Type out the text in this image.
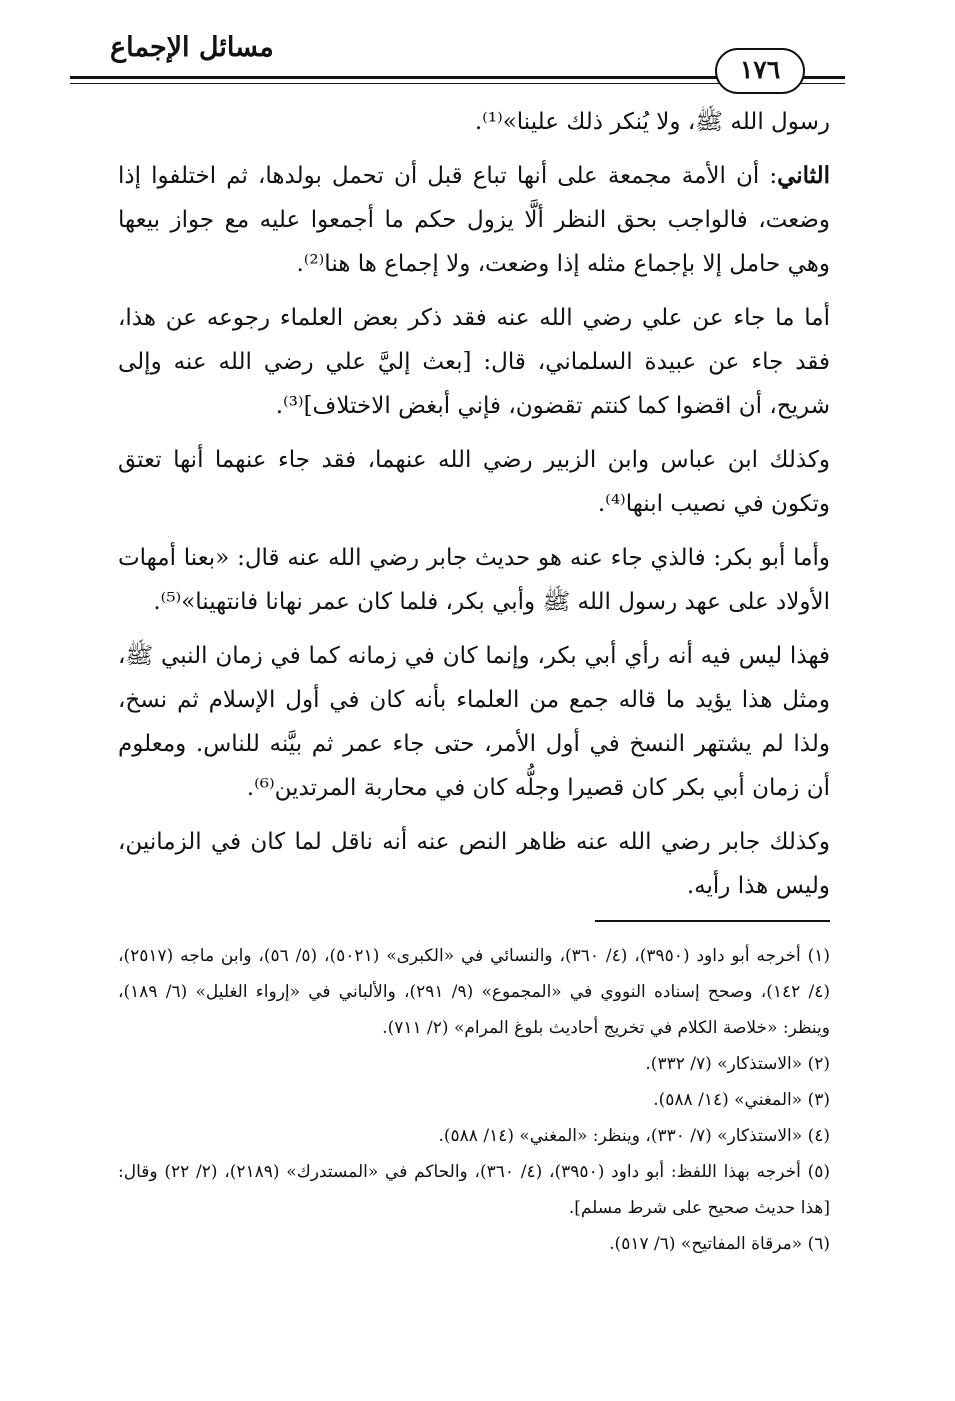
مسائل الإجماع
١٧٦

رسول الله ﷺ، ولا يُنكر ذلك علينا»⁽¹⁾.

الثاني: أن الأمة مجمعة على أنها تباع قبل أن تحمل بولدها، ثم اختلفوا إذا وضعت، فالواجب بحق النظر ألَّا يزول حكم ما أجمعوا عليه مع جواز بيعها وهي حامل إلا بإجماع مثله إذا وضعت، ولا إجماع ها هنا⁽²⁾.

أما ما جاء عن علي رضي الله عنه فقد ذكر بعض العلماء رجوعه عن هذا، فقد جاء عن عبيدة السلماني، قال: [بعث إليَّ علي رضي الله عنه وإلى شريح، أن اقضوا كما كنتم تقضون، فإني أبغض الاختلاف]⁽³⁾.

وكذلك ابن عباس وابن الزبير رضي الله عنهما، فقد جاء عنهما أنها تعتق وتكون في نصيب ابنها⁽⁴⁾.

وأما أبو بكر: فالذي جاء عنه هو حديث جابر رضي الله عنه قال: «بعنا أمهات الأولاد على عهد رسول الله ﷺ وأبي بكر، فلما كان عمر نهانا فانتهينا»⁽⁵⁾.

فهذا ليس فيه أنه رأي أبي بكر، وإنما كان في زمانه كما في زمان النبي ﷺ، ومثل هذا يؤيد ما قاله جمع من العلماء بأنه كان في أول الإسلام ثم نسخ، ولذا لم يشتهر النسخ في أول الأمر، حتى جاء عمر ثم بيَّنه للناس. ومعلوم أن زمان أبي بكر كان قصيرا وجلُّه كان في محاربة المرتدين⁽⁶⁾.

وكذلك جابر رضي الله عنه ظاهر النص عنه أنه ناقل لما كان في الزمانين، وليس هذا رأيه.

(١) أخرجه أبو داود (٣٩٥٠)، (٤/ ٣٦٠)، والنسائي في «الكبرى» (٥٠٢١)، (٥/ ٥٦)، وابن ماجه (٢٥١٧)، (٤/ ١٤٢)، وصحح إسناده النووي في «المجموع» (٩/ ٢٩١)، والألباني في «إرواء الغليل» (٦/ ١٨٩)، وينظر: «خلاصة الكلام في تخريج أحاديث بلوغ المرام» (٢/ ٧١١).

(٢) «الاستذكار» (٧/ ٣٣٢).

(٣) «المغني» (١٤/ ٥٨٨).

(٤) «الاستذكار» (٧/ ٣٣٠)، وينظر: «المغني» (١٤/ ٥٨٨).

(٥) أخرجه بهذا اللفظ: أبو داود (٣٩٥٠)، (٤/ ٣٦٠)، والحاكم في «المستدرك» (٢١٨٩)، (٢/ ٢٢) وقال: [هذا حديث صحيح على شرط مسلم].

(٦) «مرقاة المفاتيح» (٦/ ٥١٧).
